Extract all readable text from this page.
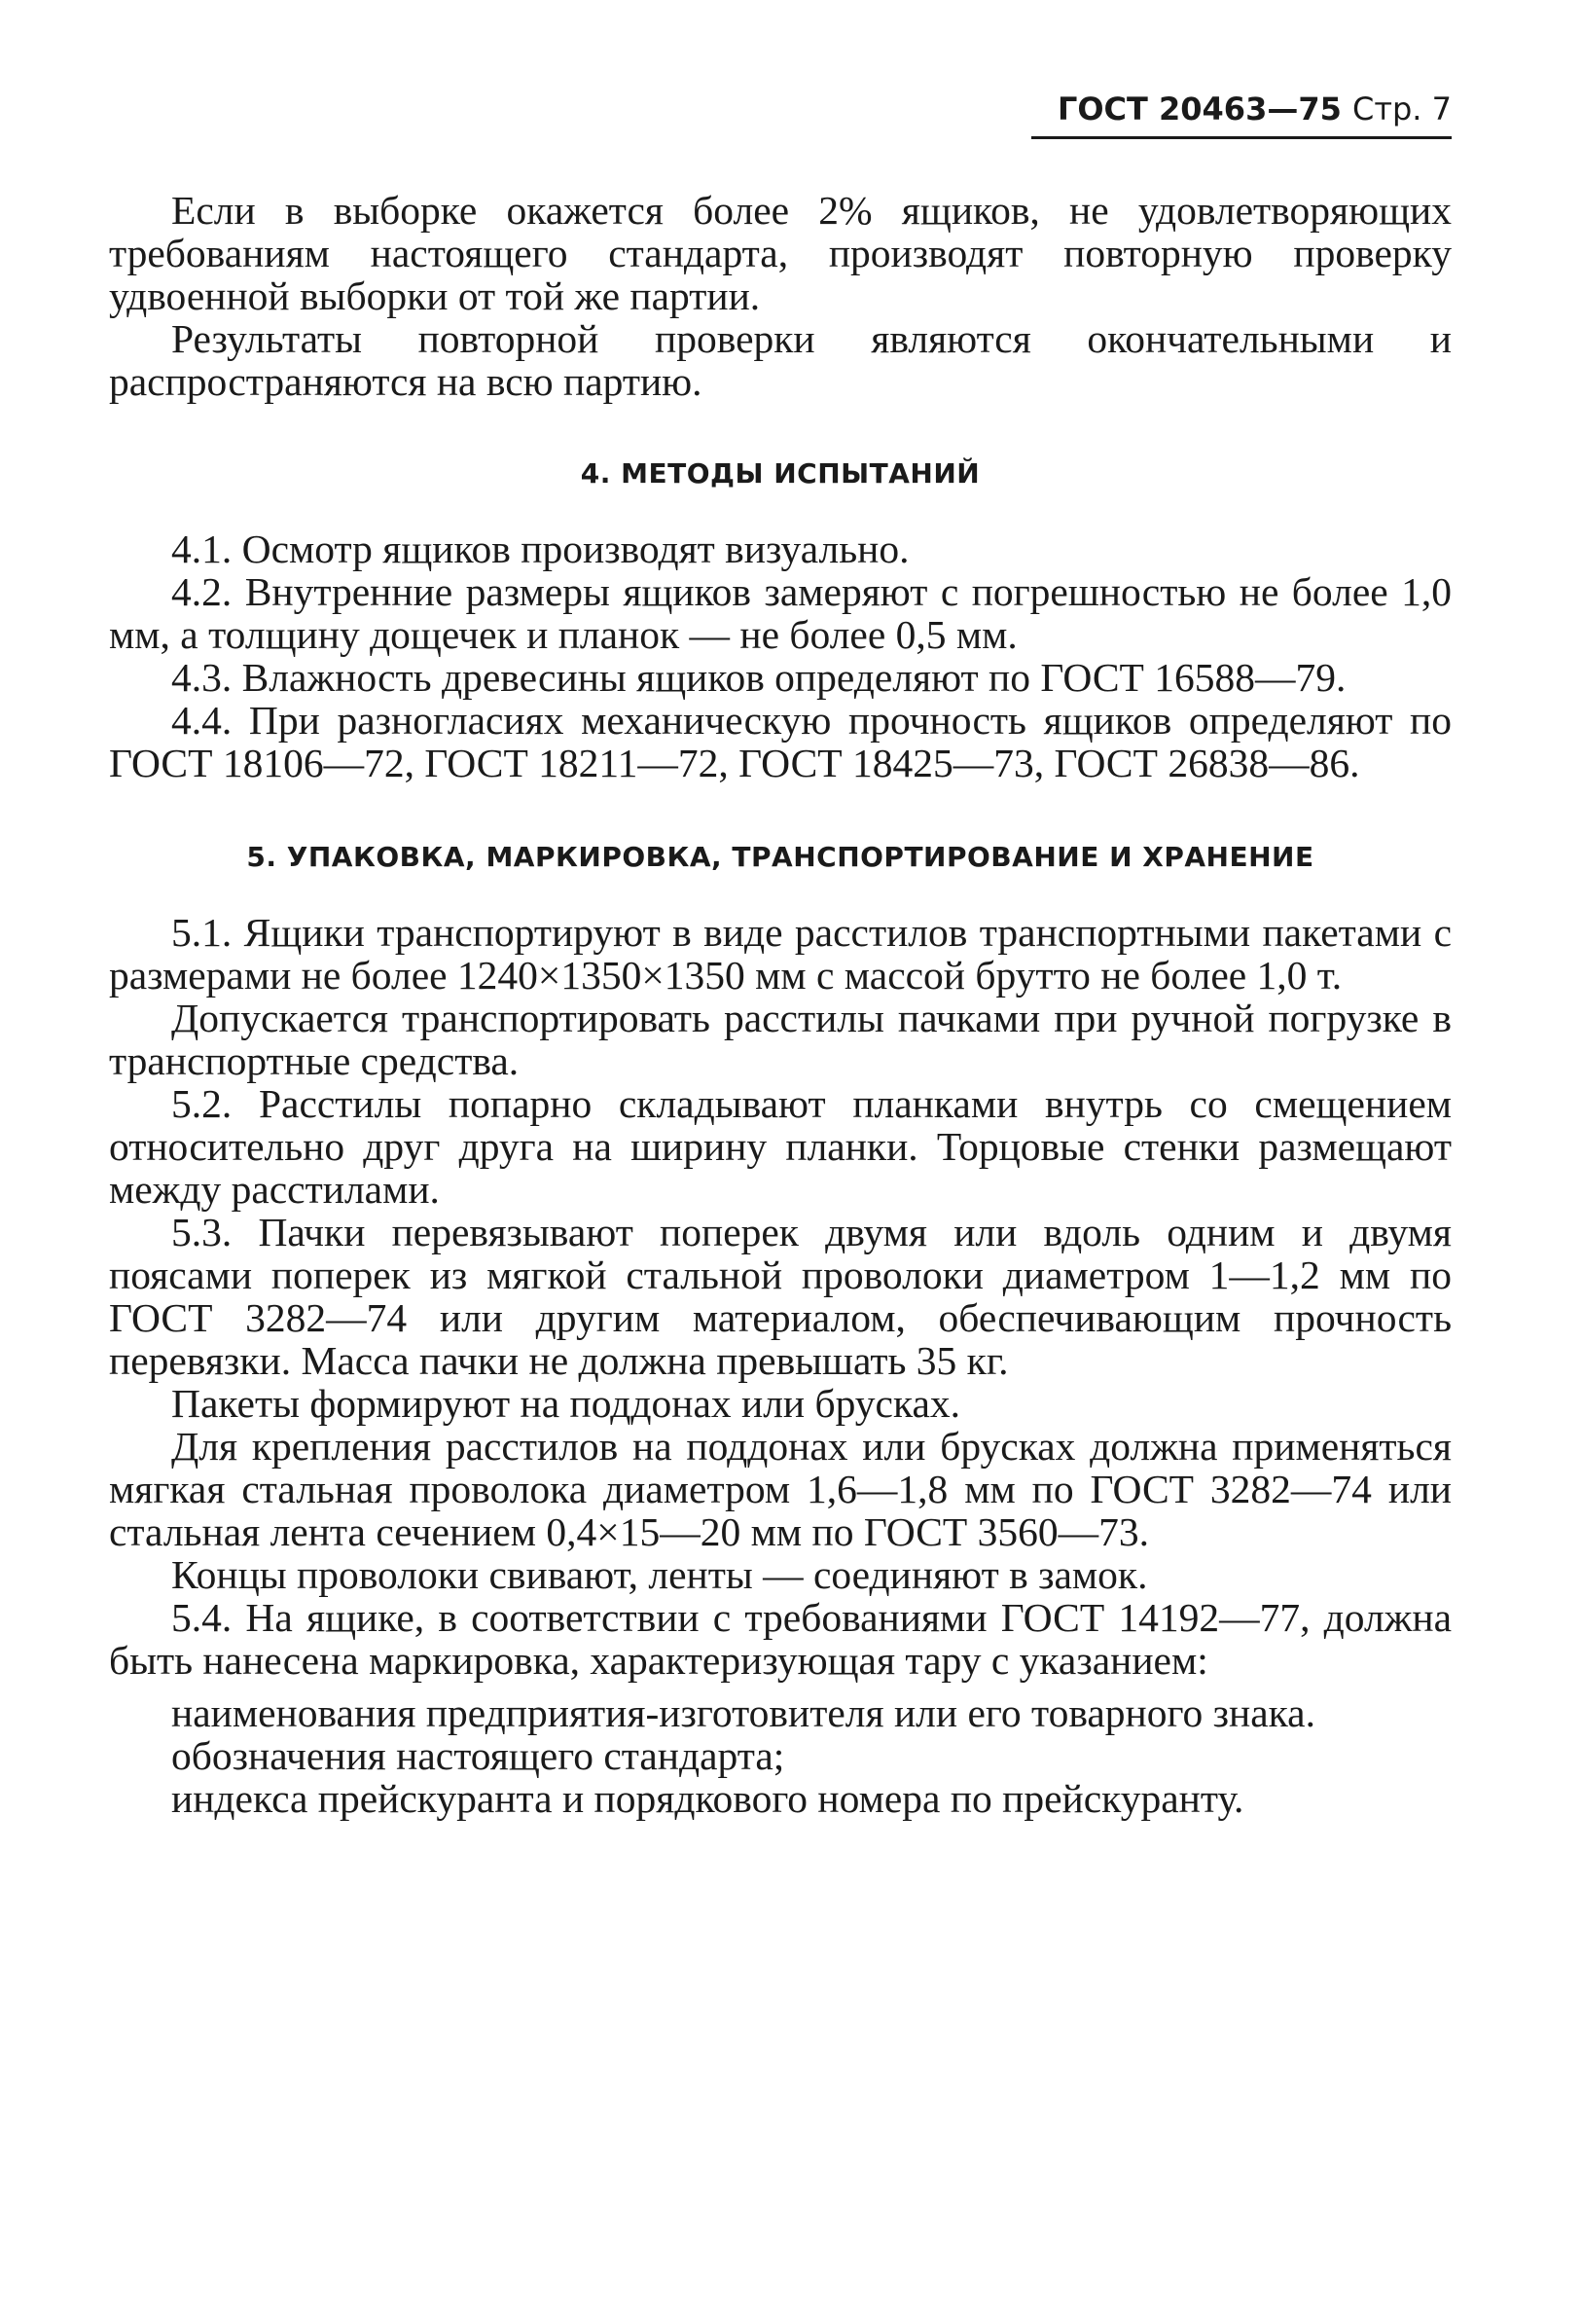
ГОСТ 20463—75 Стр. 7

Если в выборке окажется более 2% ящиков, не удовлетворяющих требованиям настоящего стандарта, производят повторную проверку удвоенной выборки от той же партии.

Результаты повторной проверки являются окончательными и распространяются на всю партию.

4. МЕТОДЫ ИСПЫТАНИЙ

4.1. Осмотр ящиков производят визуально.

4.2. Внутренние размеры ящиков замеряют с погрешностью не более 1,0 мм, а толщину дощечек и планок — не более 0,5 мм.

4.3. Влажность древесины ящиков определяют по ГОСТ 16588—79.

4.4. При разногласиях механическую прочность ящиков определяют по ГОСТ 18106—72, ГОСТ 18211—72, ГОСТ 18425—73, ГОСТ 26838—86.

5. УПАКОВКА, МАРКИРОВКА, ТРАНСПОРТИРОВАНИЕ И ХРАНЕНИЕ

5.1. Ящики транспортируют в виде расстилов транспортными пакетами с размерами не более 1240×1350×1350 мм с массой брутто не более 1,0 т.

Допускается транспортировать расстилы пачками при ручной погрузке в транспортные средства.

5.2. Расстилы попарно складывают планками внутрь со смещением относительно друг друга на ширину планки. Торцовые стенки размещают между расстилами.

5.3. Пачки перевязывают поперек двумя или вдоль одним и двумя поясами поперек из мягкой стальной проволоки диаметром 1—1,2 мм по ГОСТ 3282—74 или другим материалом, обеспечивающим прочность перевязки. Масса пачки не должна превышать 35 кг.

Пакеты формируют на поддонах или брусках.

Для крепления расстилов на поддонах или брусках должна применяться мягкая стальная проволока диаметром 1,6—1,8 мм по ГОСТ 3282—74 или стальная лента сечением 0,4×15—20 мм по ГОСТ 3560—73.

Концы проволоки свивают, ленты — соединяют в замок.

5.4. На ящике, в соответствии с требованиями ГОСТ 14192—77, должна быть нанесена маркировка, характеризующая тару с указанием:

наименования предприятия-изготовителя или его товарного знака.

обозначения настоящего стандарта;

индекса прейскуранта и порядкового номера по прейскуранту.
